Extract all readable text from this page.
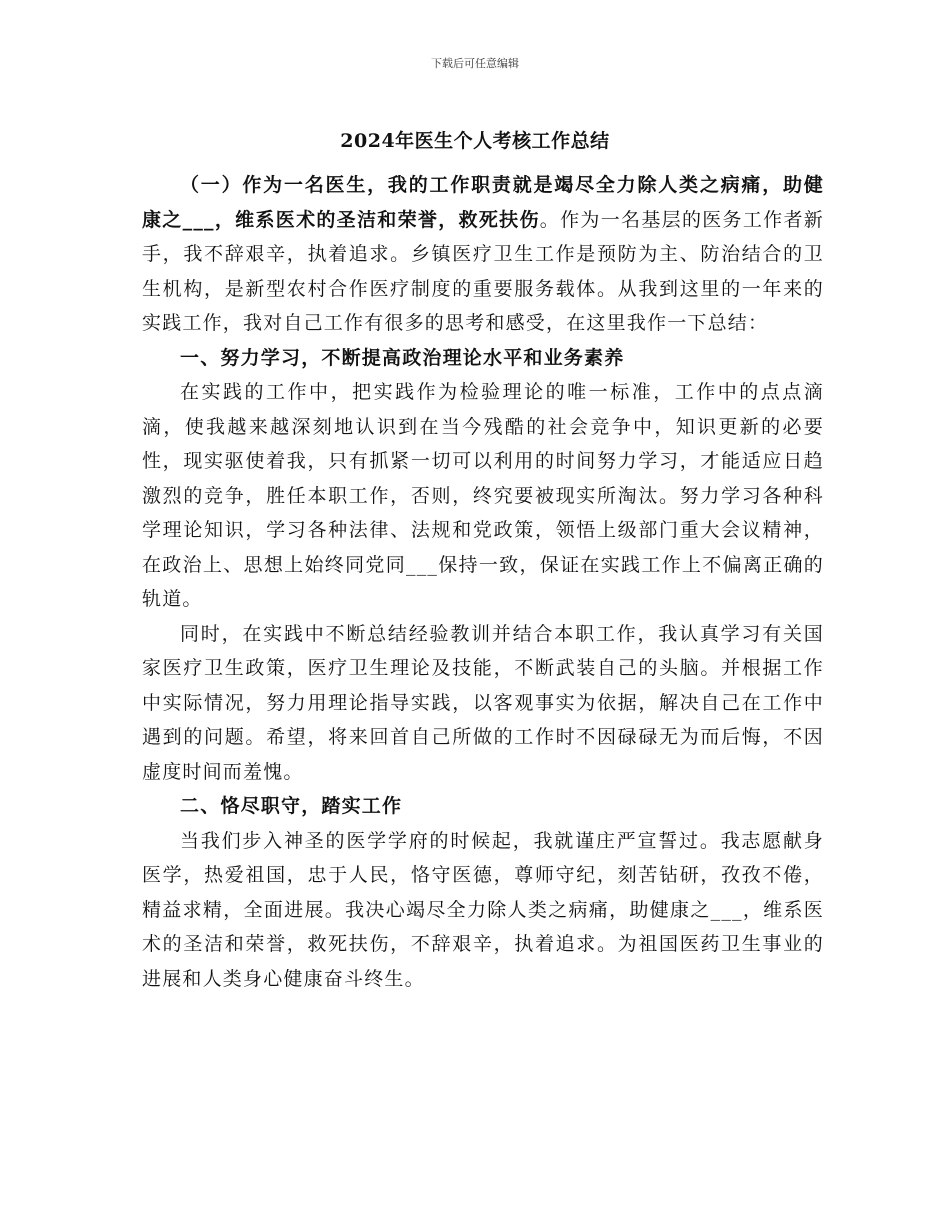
下载后可任意编辑
2024年医生个人考核工作总结

（一）作为一名医生，我的工作职责就是竭尽全力除人类之病痛，助健康之___，维系医术的圣洁和荣誉，救死扶伤。作为一名基层的医务工作者新手，我不辞艰辛，执着追求。乡镇医疗卫生工作是预防为主、防治结合的卫生机构，是新型农村合作医疗制度的重要服务载体。从我到这里的一年来的实践工作，我对自己工作有很多的思考和感受，在这里我作一下总结：

一、努力学习，不断提高政治理论水平和业务素养

在实践的工作中，把实践作为检验理论的唯一标准，工作中的点点滴滴，使我越来越深刻地认识到在当今残酷的社会竞争中，知识更新的必要性，现实驱使着我，只有抓紧一切可以利用的时间努力学习，才能适应日趋激烈的竞争，胜任本职工作，否则，终究要被现实所淘汰。努力学习各种科学理论知识，学习各种法律、法规和党政策，领悟上级部门重大会议精神，在政治上、思想上始终同党同___保持一致，保证在实践工作上不偏离正确的轨道。

同时，在实践中不断总结经验教训并结合本职工作，我认真学习有关国家医疗卫生政策，医疗卫生理论及技能，不断武装自己的头脑。并根据工作中实际情况，努力用理论指导实践，以客观事实为依据，解决自己在工作中遇到的问题。希望，将来回首自己所做的工作时不因碌碌无为而后悔，不因虚度时间而羞愧。

二、恪尽职守，踏实工作

当我们步入神圣的医学学府的时候起，我就谨庄严宣誓过。我志愿献身医学，热爱祖国，忠于人民，恪守医德，尊师守纪，刻苦钻研，孜孜不倦，精益求精，全面进展。我决心竭尽全力除人类之病痛，助健康之___，维系医术的圣洁和荣誉，救死扶伤，不辞艰辛，执着追求。为祖国医药卫生事业的进展和人类身心健康奋斗终生。
